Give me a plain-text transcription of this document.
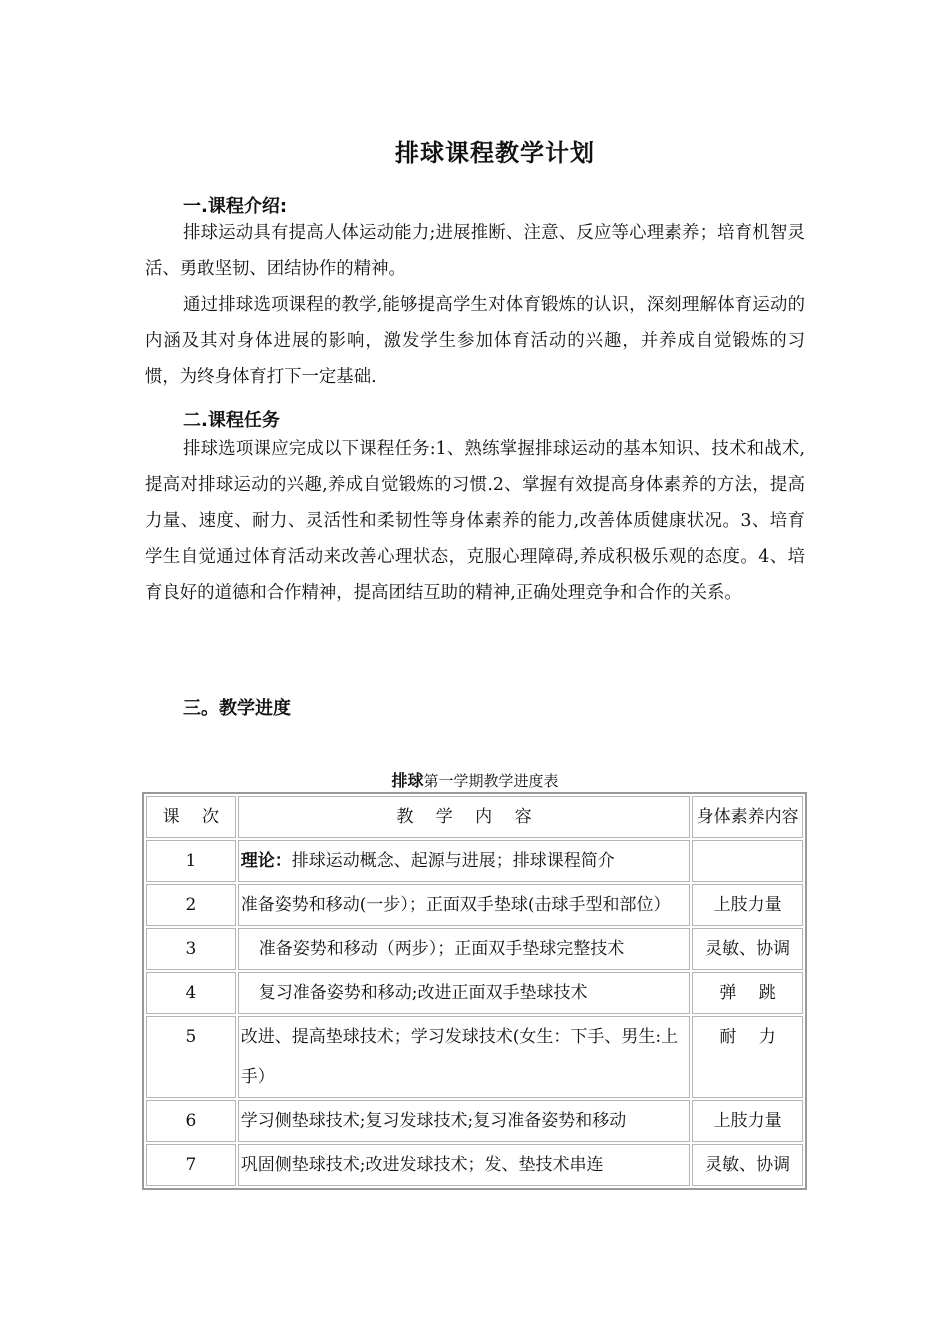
排球课程教学计划
一.课程介绍:
排球运动具有提高人体运动能力;进展推断、注意、反应等心理素养；培育机智灵活、勇敢坚韧、团结协作的精神。
通过排球选项课程的教学,能够提高学生对体育锻炼的认识，深刻理解体育运动的内涵及其对身体进展的影响，激发学生参加体育活动的兴趣，并养成自觉锻炼的习惯，为终身体育打下一定基础.
二.课程任务
排球选项课应完成以下课程任务:1、熟练掌握排球运动的基本知识、技术和战术,提高对排球运动的兴趣,养成自觉锻炼的习惯.2、掌握有效提高身体素养的方法，提高力量、速度、耐力、灵活性和柔韧性等身体素养的能力,改善体质健康状况。3、培育学生自觉通过体育活动来改善心理状态，克服心理障碍,养成积极乐观的态度。4、培育良好的道德和合作精神，提高团结互助的精神,正确处理竞争和合作的关系。
三。教学进度
排球第一学期教学进度表
课　 次	教　 学　 内　 容	身体素养内容
1	理论：排球运动概念、起源与进展；排球课程简介	
2	准备姿势和移动(一步）；正面双手垫球(击球手型和部位）	上肢力量
3	准备姿势和移动（两步）；正面双手垫球完整技术	灵敏、协调
4	复习准备姿势和移动;改进正面双手垫球技术	弹　 跳
5	改进、提高垫球技术；学习发球技术(女生：下手、男生:上手）	耐　 力
6	学习侧垫球技术;复习发球技术;复习准备姿势和移动	上肢力量
7	巩固侧垫球技术;改进发球技术；发、垫技术串连	灵敏、协调
